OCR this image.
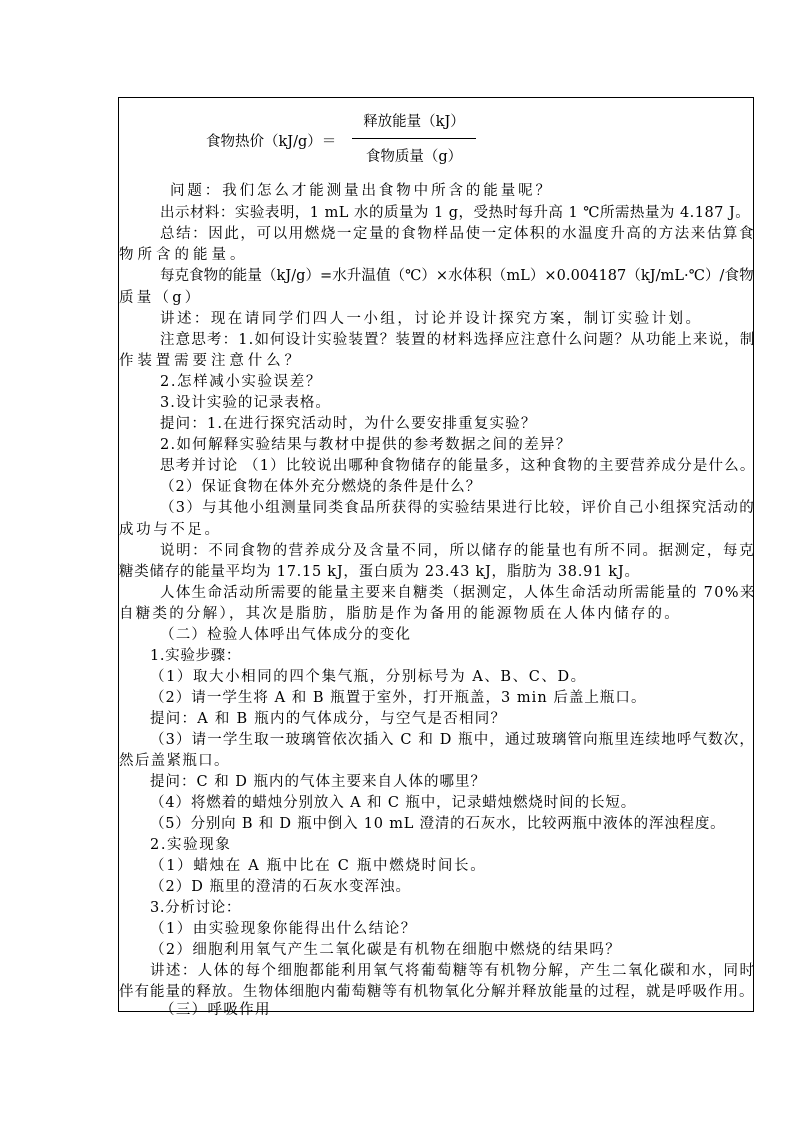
食物热价（kJ/g）＝
释放能量（kJ）
食物质量（g）
问题：我们怎么才能测量出食物中所含的能量呢？
出示材料：实验表明，1 mL 水的质量为 1 g，受热时每升高 1 ℃所需热量为 4.187 J。
总结：因此，可以用燃烧一定量的食物样品使一定体积的水温度升高的方法来估算食
物所含的能量。
每克食物的能量（kJ/g）=水升温值（℃）×水体积（mL）×0.004187（kJ/mL·℃）/食物
质量（g）
讲述：现在请同学们四人一小组，讨论并设计探究方案，制订实验计划。
注意思考：1.如何设计实验装置？装置的材料选择应注意什么问题？从功能上来说，制
作装置需要注意什么？
2.怎样减小实验误差？
3.设计实验的记录表格。
提问：1.在进行探究活动时，为什么要安排重复实验？
2.如何解释实验结果与教材中提供的参考数据之间的差异？
思考并讨论 （1）比较说出哪种食物储存的能量多，这种食物的主要营养成分是什么。
（2）保证食物在体外充分燃烧的条件是什么？
（3）与其他小组测量同类食品所获得的实验结果进行比较，评价自己小组探究活动的
成功与不足。
说明：不同食物的营养成分及含量不同，所以储存的能量也有所不同。据测定，每克
糖类储存的能量平均为 17.15 kJ，蛋白质为 23.43 kJ，脂肪为 38.91 kJ。
人体生命活动所需要的能量主要来自糖类（据测定，人体生命活动所需能量的 70%来
自糖类的分解），其次是脂肪，脂肪是作为备用的能源物质在人体内储存的。
（二）检验人体呼出气体成分的变化
1.实验步骤：
（1）取大小相同的四个集气瓶，分别标号为 A、B、C、D。
（2）请一学生将 A 和 B 瓶置于室外，打开瓶盖，3 min 后盖上瓶口。
提问：A 和 B 瓶内的气体成分，与空气是否相同？
（3）请一学生取一玻璃管依次插入 C 和 D 瓶中，通过玻璃管向瓶里连续地呼气数次，
然后盖紧瓶口。
提问：C 和 D 瓶内的气体主要来自人体的哪里？
（4）将燃着的蜡烛分别放入 A 和 C 瓶中，记录蜡烛燃烧时间的长短。
（5）分别向 B 和 D 瓶中倒入 10 mL 澄清的石灰水，比较两瓶中液体的浑浊程度。
2.实验现象
（1）蜡烛在 A 瓶中比在 C 瓶中燃烧时间长。
（2）D 瓶里的澄清的石灰水变浑浊。
3.分析讨论：
（1）由实验现象你能得出什么结论？
（2）细胞利用氧气产生二氧化碳是有机物在细胞中燃烧的结果吗？
讲述：人体的每个细胞都能利用氧气将葡萄糖等有机物分解，产生二氧化碳和水，同时
伴有能量的释放。生物体细胞内葡萄糖等有机物氧化分解并释放能量的过程，就是呼吸作用。
（三）呼吸作用
